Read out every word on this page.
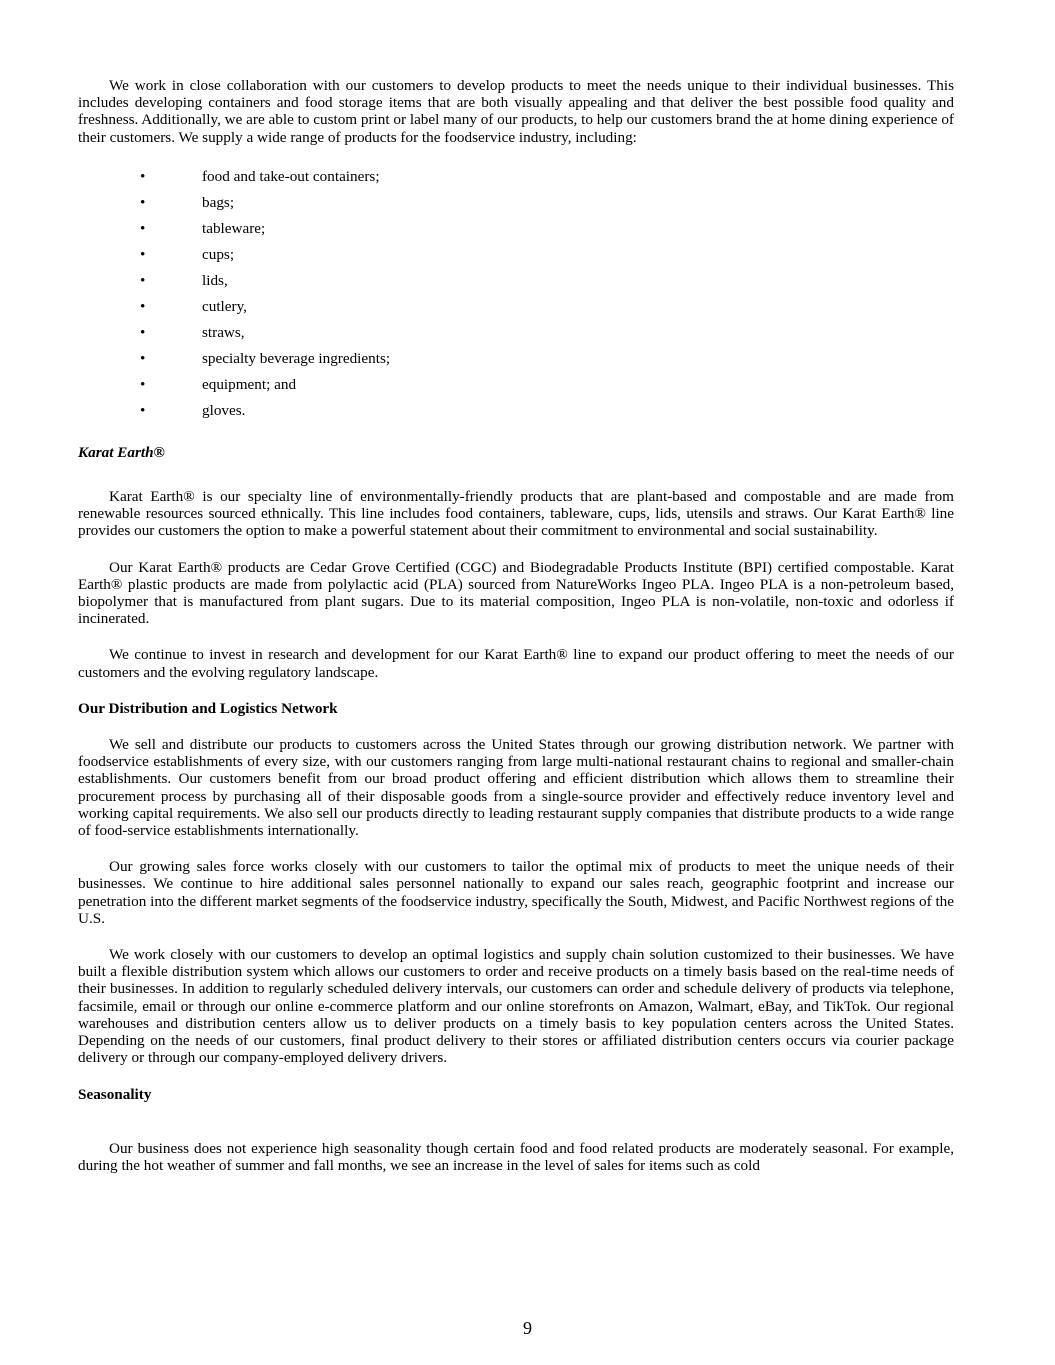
We work in close collaboration with our customers to develop products to meet the needs unique to their individual businesses. This includes developing containers and food storage items that are both visually appealing and that deliver the best possible food quality and freshness. Additionally, we are able to custom print or label many of our products, to help our customers brand the at home dining experience of their customers. We supply a wide range of products for the foodservice industry, including:

•	food and take-out containers;
•	bags;
•	tableware;
•	cups;
•	lids,
•	cutlery,
•	straws,
•	specialty beverage ingredients;
•	equipment; and
•	gloves.
Karat Earth®

Karat Earth® is our specialty line of environmentally-friendly products that are plant-based and compostable and are made from renewable resources sourced ethnically. This line includes food containers, tableware, cups, lids, utensils and straws. Our Karat Earth® line provides our customers the option to make a powerful statement about their commitment to environmental and social sustainability.

Our Karat Earth® products are Cedar Grove Certified (CGC) and Biodegradable Products Institute (BPI) certified compostable. Karat Earth® plastic products are made from polylactic acid (PLA) sourced from NatureWorks Ingeo PLA. Ingeo PLA is a non-petroleum based, biopolymer that is manufactured from plant sugars. Due to its material composition, Ingeo PLA is non-volatile, non-toxic and odorless if incinerated.

We continue to invest in research and development for our Karat Earth® line to expand our product offering to meet the needs of our customers and the evolving regulatory landscape.

Our Distribution and Logistics Network

We sell and distribute our products to customers across the United States through our growing distribution network. We partner with foodservice establishments of every size, with our customers ranging from large multi-national restaurant chains to regional and smaller-chain establishments. Our customers benefit from our broad product offering and efficient distribution which allows them to streamline their procurement process by purchasing all of their disposable goods from a single-source provider and effectively reduce inventory level and working capital requirements. We also sell our products directly to leading restaurant supply companies that distribute products to a wide range of food-service establishments internationally.

Our growing sales force works closely with our customers to tailor the optimal mix of products to meet the unique needs of their businesses. We continue to hire additional sales personnel nationally to expand our sales reach, geographic footprint and increase our penetration into the different market segments of the foodservice industry, specifically the South, Midwest, and Pacific Northwest regions of the U.S.

We work closely with our customers to develop an optimal logistics and supply chain solution customized to their businesses. We have built a flexible distribution system which allows our customers to order and receive products on a timely basis based on the real-time needs of their businesses. In addition to regularly scheduled delivery intervals, our customers can order and schedule delivery of products via telephone, facsimile, email or through our online e-commerce platform and our online storefronts on Amazon, Walmart, eBay, and TikTok. Our regional warehouses and distribution centers allow us to deliver products on a timely basis to key population centers across the United States. Depending on the needs of our customers, final product delivery to their stores or affiliated distribution centers occurs via courier package delivery or through our company-employed delivery drivers.

Seasonality

Our business does not experience high seasonality though certain food and food related products are moderately seasonal. For example, during the hot weather of summer and fall months, we see an increase in the level of sales for items such as cold

9
